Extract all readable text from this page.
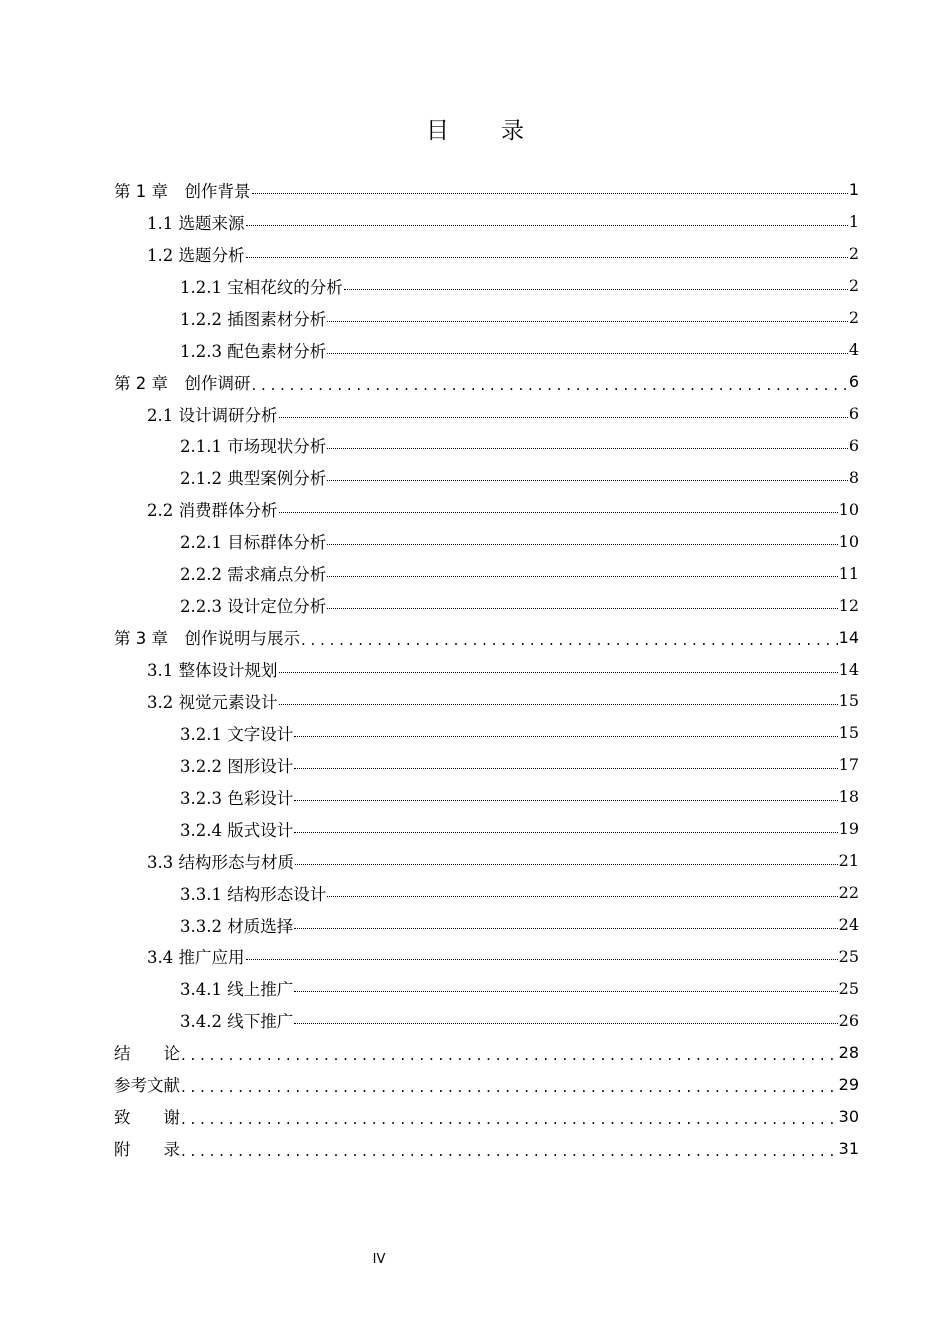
目 录
第 1 章　创作背景	1
1.1 选题来源	1
1.2 选题分析	2
1.2.1 宝相花纹的分析	2
1.2.2 插图素材分析	2
1.2.3 配色素材分析	4
第 2 章　创作调研 . . .	6
2.1 设计调研分析	6
2.1.1 市场现状分析	6
2.1.2 典型案例分析	8
2.2 消费群体分析	10
2.2.1 目标群体分析	10
2.2.2 需求痛点分析	11
2.2.3 设计定位分析	12
第 3 章　创作说明与展示 . . .	14
3.1 整体设计规划	14
3.2 视觉元素设计	15
3.2.1 文字设计	15
3.2.2 图形设计	17
3.2.3 色彩设计	18
3.2.4 版式设计	19
3.3 结构形态与材质	21
3.3.1 结构形态设计	22
3.3.2 材质选择	24
3.4 推广应用	25
3.4.1 线上推广	25
3.4.2 线下推广	26
结　　论 . . .	28
参考文献 . . .	29
致　　谢 . . .	30
附　　录 . . .	31
IV
